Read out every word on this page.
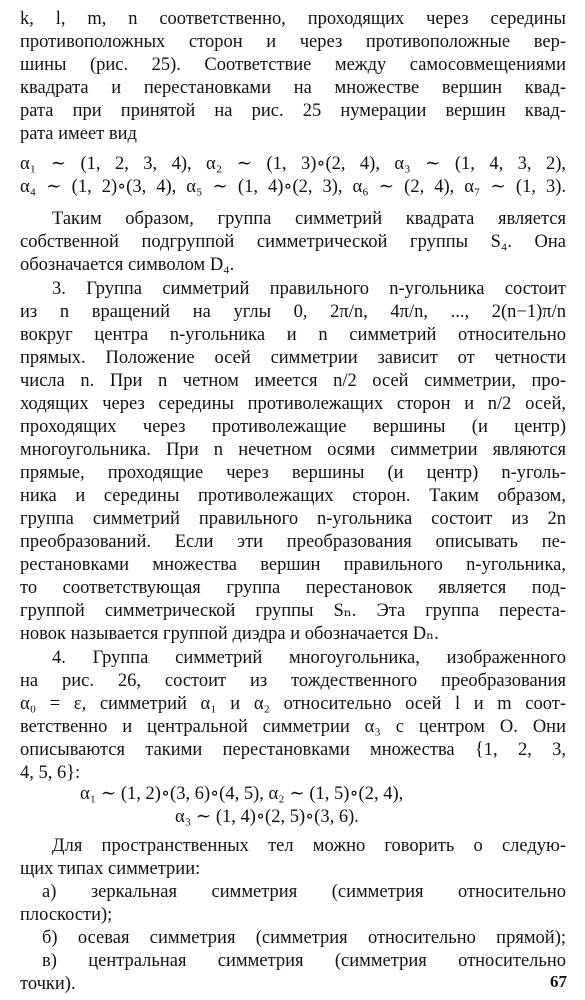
k, l, m, n соответственно, проходящих через середины
противоположных сторон и через противоположные вер-
шины (рис. 25). Соответствие между самосовмещениями
квадрата и перестановками на множестве вершин квад-
рата при принятой на рис. 25 нумерации вершин квад-
рата имеет вид
α₁ ∼ (1, 2, 3, 4), α₂ ∼ (1, 3)∘(2, 4), α₃ ∼ (1, 4, 3, 2),
α₄ ∼ (1, 2)∘(3, 4), α₅ ∼ (1, 4)∘(2, 3), α₆ ∼ (2, 4), α₇ ∼ (1, 3).
Таким образом, группа симметрий квадрата является
собственной подгруппой симметрической группы S₄. Она
обозначается символом D₄.
3. Группа симметрий правильного n-угольника состоит
из n вращений на углы 0, 2π/n, 4π/n, ..., 2(n−1)π/n
вокруг центра n-угольника и n симметрий относительно
прямых. Положение осей симметрии зависит от четности
числа n. При n четном имеется n/2 осей симметрии, про-
ходящих через середины противолежащих сторон и n/2 осей,
проходящих через противолежащие вершины (и центр)
многоугольника. При n нечетном осями симметрии являются
прямые, проходящие через вершины (и центр) n-уголь-
ника и середины противолежащих сторон. Таким образом,
группа симметрий правильного n-угольника состоит из 2n
преобразований. Если эти преобразования описывать пе-
рестановками множества вершин правильного n-угольника,
то соответствующая группа перестановок является под-
группой симметрической группы Sₙ. Эта группа переста-
новок называется группой диэдра и обозначается Dₙ.
4. Группа симметрий многоугольника, изображенного
на рис. 26, состоит из тождественного преобразования
α₀ = ε, симметрий α₁ и α₂ относительно осей l и m соот-
ветственно и центральной симметрии α₃ с центром O. Они
описываются такими перестановками множества {1, 2, 3,
4, 5, 6}:
α₁ ∼ (1, 2)∘(3, 6)∘(4, 5), α₂ ∼ (1, 5)∘(2, 4),
α₃ ∼ (1, 4)∘(2, 5)∘(3, 6).
Для пространственных тел можно говорить о следую-
щих типах симметрии:
а) зеркальная симметрия (симметрия относительно
плоскости);
б) осевая симметрия (симметрия относительно прямой);
67
в) центральная симметрия (симметрия относительно
точки).
